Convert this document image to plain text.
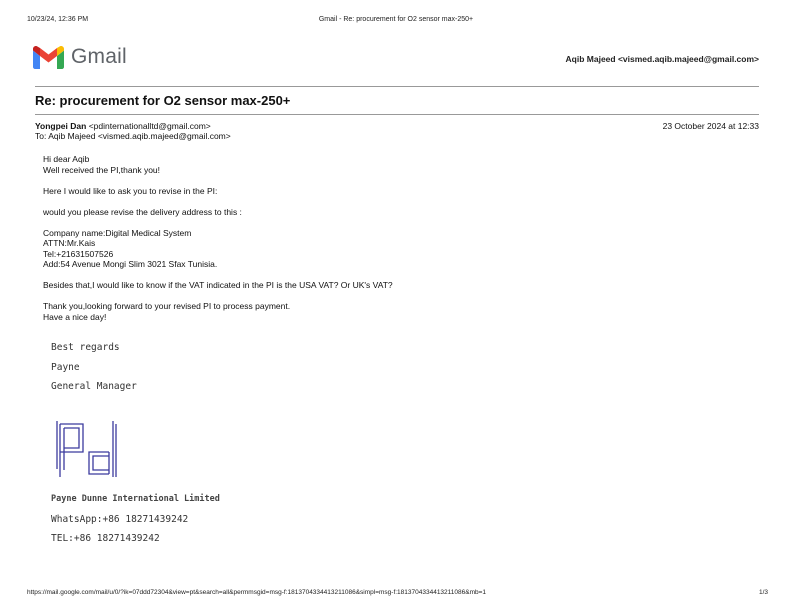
10/23/24, 12:36 PM	Gmail - Re: procurement for O2 sensor max-250+
Gmail	Aqib Majeed <vismed.aqib.majeed@gmail.com>
Re: procurement for O2 sensor max-250+
Yongpei Dan <pdinternationalltd@gmail.com>
To: Aqib Majeed <vismed.aqib.majeed@gmail.com>
23 October 2024 at 12:33
Hi dear Aqib
Well received the PI,thank you!
Here I would like to ask you to revise in the PI:
would you please revise the delivery address to this :
Company name:Digital Medical System
ATTN:Mr.Kais
Tel:+21631507526
Add:54 Avenue Mongi Slim 3021 Sfax Tunisia.
Besides that,I would like to know if the VAT indicated in the PI is the USA VAT? Or UK's VAT?
Thank you,looking forward to your revised PI to process payment.
Have a nice day!
Best regards
Payne
General Manager
Payne Dunne International Limited
WhatsApp:+86 18271439242
TEL:+86 18271439242
https://mail.google.com/mail/u/0/?ik=07ddd72304&view=pt&search=all&permmsgid=msg-f:1813704334413211086&simpl=msg-f:1813704334413211086&mb=1	1/3
